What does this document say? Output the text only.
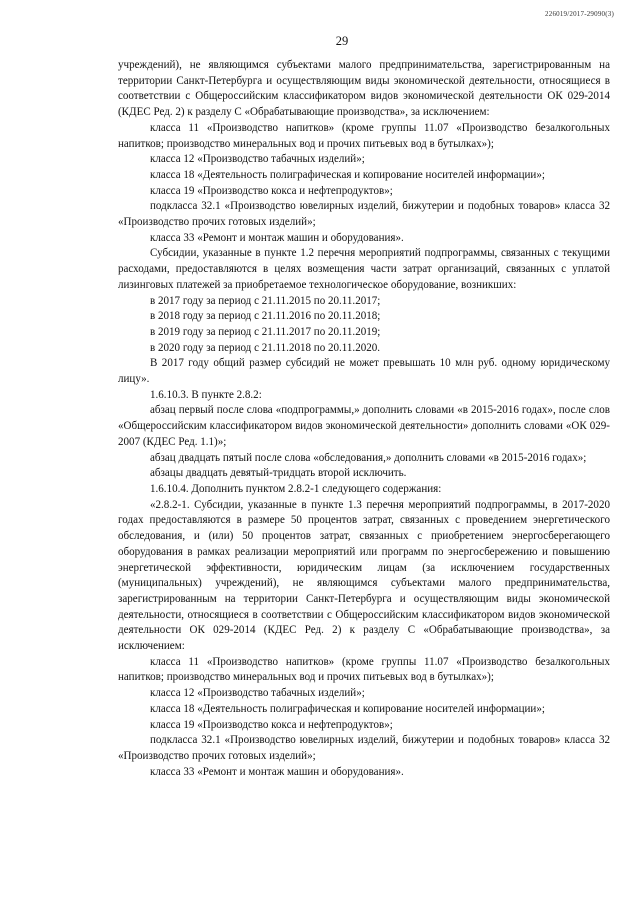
226019/2017-29090(3)
29

учреждений), не являющимся субъектами малого предпринимательства, зарегистрированным на территории Санкт-Петербурга и осуществляющим виды экономической деятельности, относящиеся в соответствии с Общероссийским классификатором видов экономической деятельности ОК 029-2014 (КДЕС Ред. 2) к разделу С «Обрабатывающие производства», за исключением:

класса 11 «Производство напитков» (кроме группы 11.07 «Производство безалкогольных напитков; производство минеральных вод и прочих питьевых вод в бутылках»);

класса 12 «Производство табачных изделий»;

класса 18 «Деятельность полиграфическая и копирование носителей информации»;

класса 19 «Производство кокса и нефтепродуктов»;

подкласса 32.1 «Производство ювелирных изделий, бижутерии и подобных товаров» класса 32 «Производство прочих готовых изделий»;

класса 33 «Ремонт и монтаж машин и оборудования».

Субсидии, указанные в пункте 1.2 перечня мероприятий подпрограммы, связанных с текущими расходами, предоставляются в целях возмещения части затрат организаций, связанных с уплатой лизинговых платежей за приобретаемое технологическое оборудование, возникших:

в 2017 году за период с 21.11.2015 по 20.11.2017;

в 2018 году за период с 21.11.2016 по 20.11.2018;

в 2019 году за период с 21.11.2017 по 20.11.2019;

в 2020 году за период с 21.11.2018 по 20.11.2020.

В 2017 году общий размер субсидий не может превышать 10 млн руб. одному юридическому лицу».

1.6.10.3. В пункте 2.8.2:

абзац первый после слова «подпрограммы,» дополнить словами «в 2015-2016 годах», после слов «Общероссийским классификатором видов экономической деятельности» дополнить словами «ОК 029-2007 (КДЕС Ред. 1.1)»;

абзац двадцать пятый после слова «обследования,» дополнить словами «в 2015-2016 годах»;

абзацы двадцать девятый-тридцать второй исключить.

1.6.10.4. Дополнить пунктом 2.8.2-1 следующего содержания:

«2.8.2-1. Субсидии, указанные в пункте 1.3 перечня мероприятий подпрограммы, в 2017-2020 годах предоставляются в размере 50 процентов затрат, связанных с проведением энергетического обследования, и (или) 50 процентов затрат, связанных с приобретением энергосберегающего оборудования в рамках реализации мероприятий или программ по энергосбережению и повышению энергетической эффективности, юридическим лицам (за исключением государственных (муниципальных) учреждений), не являющимся субъектами малого предпринимательства, зарегистрированным на территории Санкт-Петербурга и осуществляющим виды экономической деятельности, относящиеся в соответствии с Общероссийским классификатором видов экономической деятельности ОК 029-2014 (КДЕС Ред. 2) к разделу С «Обрабатывающие производства», за исключением:

класса 11 «Производство напитков» (кроме группы 11.07 «Производство безалкогольных напитков; производство минеральных вод и прочих питьевых вод в бутылках»);

класса 12 «Производство табачных изделий»;

класса 18 «Деятельность полиграфическая и копирование носителей информации»;

класса 19 «Производство кокса и нефтепродуктов»;

подкласса 32.1 «Производство ювелирных изделий, бижутерии и подобных товаров» класса 32 «Производство прочих готовых изделий»;

класса 33 «Ремонт и монтаж машин и оборудования».
